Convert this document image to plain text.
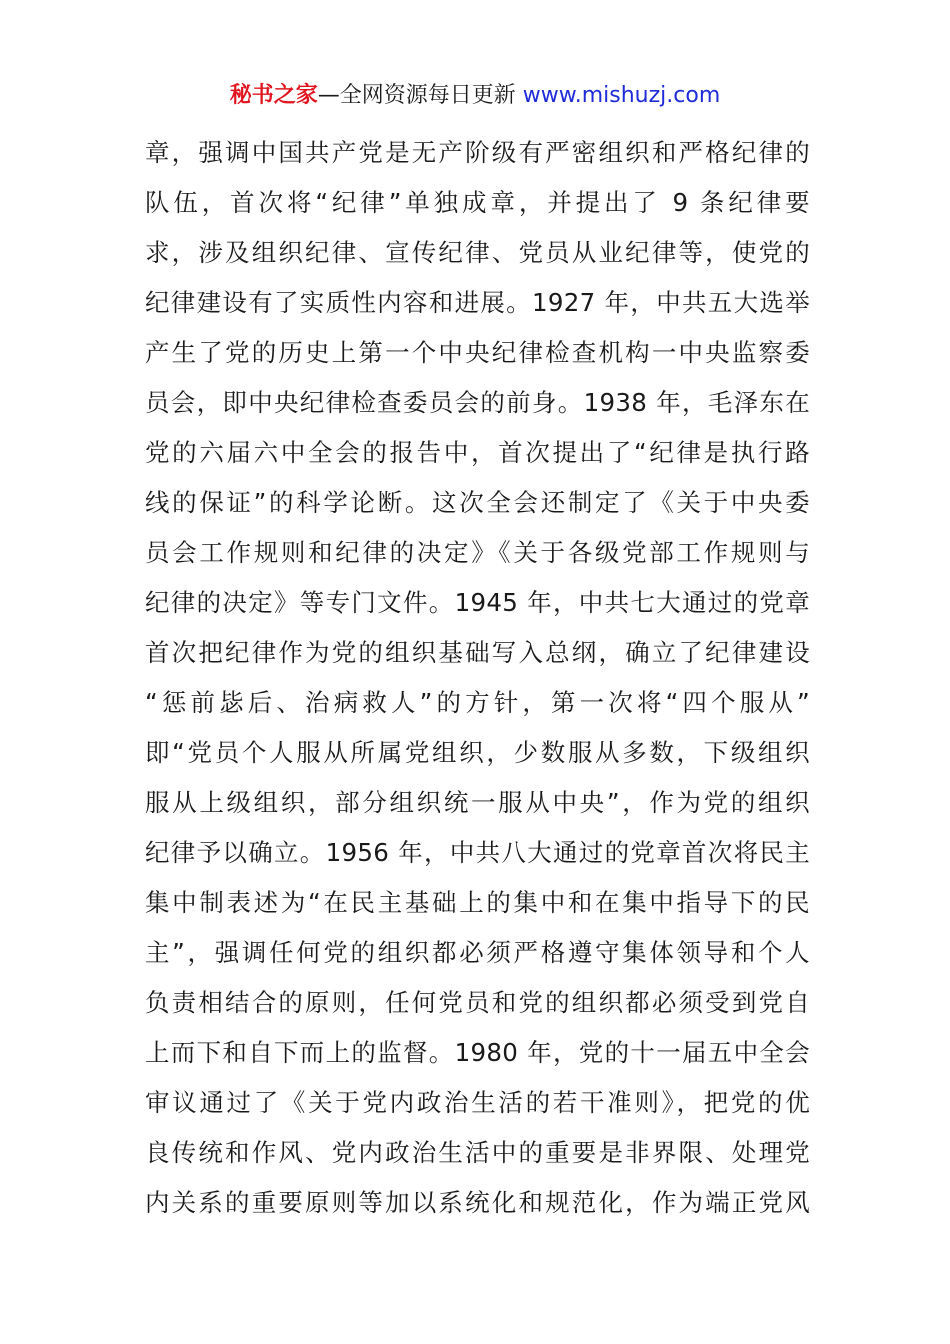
秘书之家—全网资源每日更新 www.mishuzj.com
章，强调中国共产党是无产阶级有严密组织和严格纪律的
队伍，首次将“纪律”单独成章，并提出了 9 条纪律要
求，涉及组织纪律、宣传纪律、党员从业纪律等，使党的
纪律建设有了实质性内容和进展。1927 年，中共五大选举
产生了党的历史上第一个中央纪律检查机构一中央监察委
员会，即中央纪律检查委员会的前身。1938 年，毛泽东在
党的六届六中全会的报告中，首次提出了“纪律是执行路
线的保证”的科学论断。这次全会还制定了《关于中央委
员会工作规则和纪律的决定》《关于各级党部工作规则与
纪律的决定》等专门文件。1945 年，中共七大通过的党章
首次把纪律作为党的组织基础写入总纲，确立了纪律建设
“惩前毖后、治病救人”的方针，第一次将“四个服从”
即“党员个人服从所属党组织，少数服从多数，下级组织
服从上级组织，部分组织统一服从中央”，作为党的组织
纪律予以确立。1956 年，中共八大通过的党章首次将民主
集中制表述为“在民主基础上的集中和在集中指导下的民
主”，强调任何党的组织都必须严格遵守集体领导和个人
负责相结合的原则，任何党员和党的组织都必须受到党自
上而下和自下而上的监督。1980 年，党的十一届五中全会
审议通过了《关于党内政治生活的若干准则》，把党的优
良传统和作风、党内政治生活中的重要是非界限、处理党
内关系的重要原则等加以系统化和规范化，作为端正党风
